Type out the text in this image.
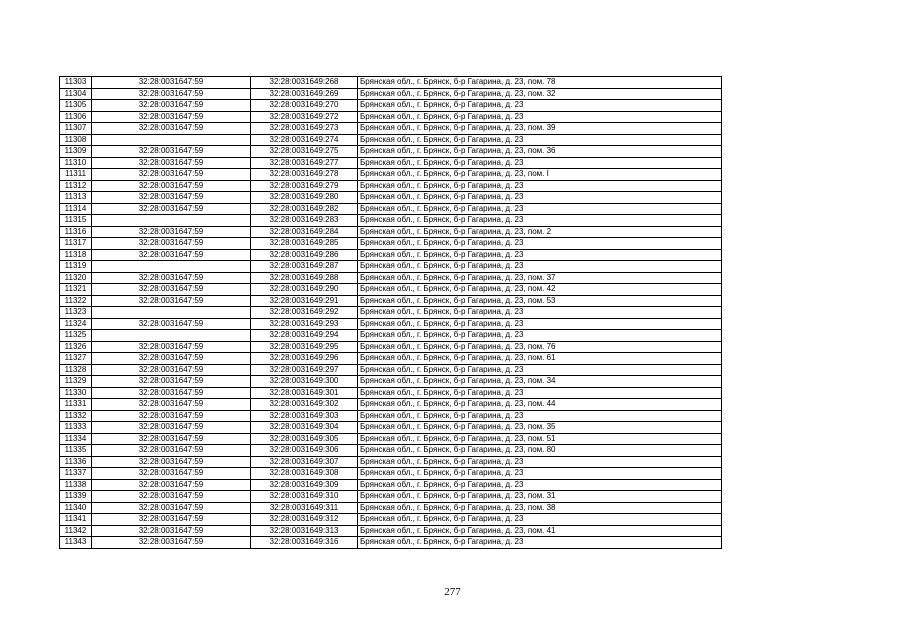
11303	32:28:0031647:59	32:28:0031649:268	Брянская обл., г. Брянск, б-р Гагарина, д. 23, пом. 78
11304	32:28:0031647:59	32:28:0031649:269	Брянская обл., г. Брянск, б-р Гагарина, д. 23, пом. 32
11305	32:28:0031647:59	32:28:0031649:270	Брянская обл., г. Брянск, б-р Гагарина, д. 23
11306	32:28:0031647:59	32:28:0031649:272	Брянская обл., г. Брянск, б-р Гагарина, д. 23
11307	32:28:0031647:59	32:28:0031649:273	Брянская обл., г. Брянск, б-р Гагарина, д. 23, пом. 39
11308		32:28:0031649:274	Брянская обл., г. Брянск, б-р Гагарина, д. 23
11309	32:28:0031647:59	32:28:0031649:275	Брянская обл., г. Брянск, б-р Гагарина, д. 23, пом. 36
11310	32:28:0031647:59	32:28:0031649:277	Брянская обл., г. Брянск, б-р Гагарина, д. 23
11311	32:28:0031647:59	32:28:0031649:278	Брянская обл., г. Брянск, б-р Гагарина, д. 23, пом. I
11312	32:28:0031647:59	32:28:0031649:279	Брянская обл., г. Брянск, б-р Гагарина, д. 23
11313	32:28:0031647:59	32:28:0031649:280	Брянская обл., г. Брянск, б-р Гагарина, д. 23
11314	32:28:0031647:59	32:28:0031649:282	Брянская обл., г. Брянск, б-р Гагарина, д. 23
11315		32:28:0031649:283	Брянская обл., г. Брянск, б-р Гагарина, д. 23
11316	32:28:0031647:59	32:28:0031649:284	Брянская обл., г. Брянск, б-р Гагарина, д. 23, пом. 2
11317	32:28:0031647:59	32:28:0031649:285	Брянская обл., г. Брянск, б-р Гагарина, д. 23
11318	32:28:0031647:59	32:28:0031649:286	Брянская обл., г. Брянск, б-р Гагарина, д. 23
11319		32:28:0031649:287	Брянская обл., г. Брянск, б-р Гагарина, д. 23
11320	32:28:0031647:59	32:28:0031649:288	Брянская обл., г. Брянск, б-р Гагарина, д. 23, пом. 37
11321	32:28:0031647:59	32:28:0031649:290	Брянская обл., г. Брянск, б-р Гагарина, д. 23, пом. 42
11322	32:28:0031647:59	32:28:0031649:291	Брянская обл., г. Брянск, б-р Гагарина, д. 23, пом. 53
11323		32:28:0031649:292	Брянская обл., г. Брянск, б-р Гагарина, д. 23
11324	32:28:0031647:59	32:28:0031649:293	Брянская обл., г. Брянск, б-р Гагарина, д. 23
11325		32:28:0031649:294	Брянская обл., г. Брянск, б-р Гагарина, д. 23
11326	32:28:0031647:59	32:28:0031649:295	Брянская обл., г. Брянск, б-р Гагарина, д. 23, пом. 76
11327	32:28:0031647:59	32:28:0031649:296	Брянская обл., г. Брянск, б-р Гагарина, д. 23, пом. 61
11328	32:28:0031647:59	32:28:0031649:297	Брянская обл., г. Брянск, б-р Гагарина, д. 23
11329	32:28:0031647:59	32:28:0031649:300	Брянская обл., г. Брянск, б-р Гагарина, д. 23, пом. 34
11330	32:28:0031647:59	32:28:0031649:301	Брянская обл., г. Брянск, б-р Гагарина, д. 23
11331	32:28:0031647:59	32:28:0031649:302	Брянская обл., г. Брянск, б-р Гагарина, д. 23, пом. 44
11332	32:28:0031647:59	32:28:0031649:303	Брянская обл., г. Брянск, б-р Гагарина, д. 23
11333	32:28:0031647:59	32:28:0031649:304	Брянская обл., г. Брянск, б-р Гагарина, д. 23, пом. 35
11334	32:28:0031647:59	32:28:0031649:305	Брянская обл., г. Брянск, б-р Гагарина, д. 23, пом. 51
11335	32:28:0031647:59	32:28:0031649:306	Брянская обл., г. Брянск, б-р Гагарина, д. 23, пом. 80
11336	32:28:0031647:59	32:28:0031649:307	Брянская обл., г. Брянск, б-р Гагарина, д. 23
11337	32:28:0031647:59	32:28:0031649:308	Брянская обл., г. Брянск, б-р Гагарина, д. 23
11338	32:28:0031647:59	32:28:0031649:309	Брянская обл., г. Брянск, б-р Гагарина, д. 23
11339	32:28:0031647:59	32:28:0031649:310	Брянская обл., г. Брянск, б-р Гагарина, д. 23, пом. 31
11340	32:28:0031647:59	32:28:0031649:311	Брянская обл., г. Брянск, б-р Гагарина, д. 23, пом. 38
11341	32:28:0031647:59	32:28:0031649:312	Брянская обл., г. Брянск, б-р Гагарина, д. 23
11342	32:28:0031647:59	32:28:0031649:313	Брянская обл., г. Брянск, б-р Гагарина, д. 23, пом. 41
11343	32:28:0031647:59	32:28:0031649:316	Брянская обл., г. Брянск, б-р Гагарина, д. 23
277
